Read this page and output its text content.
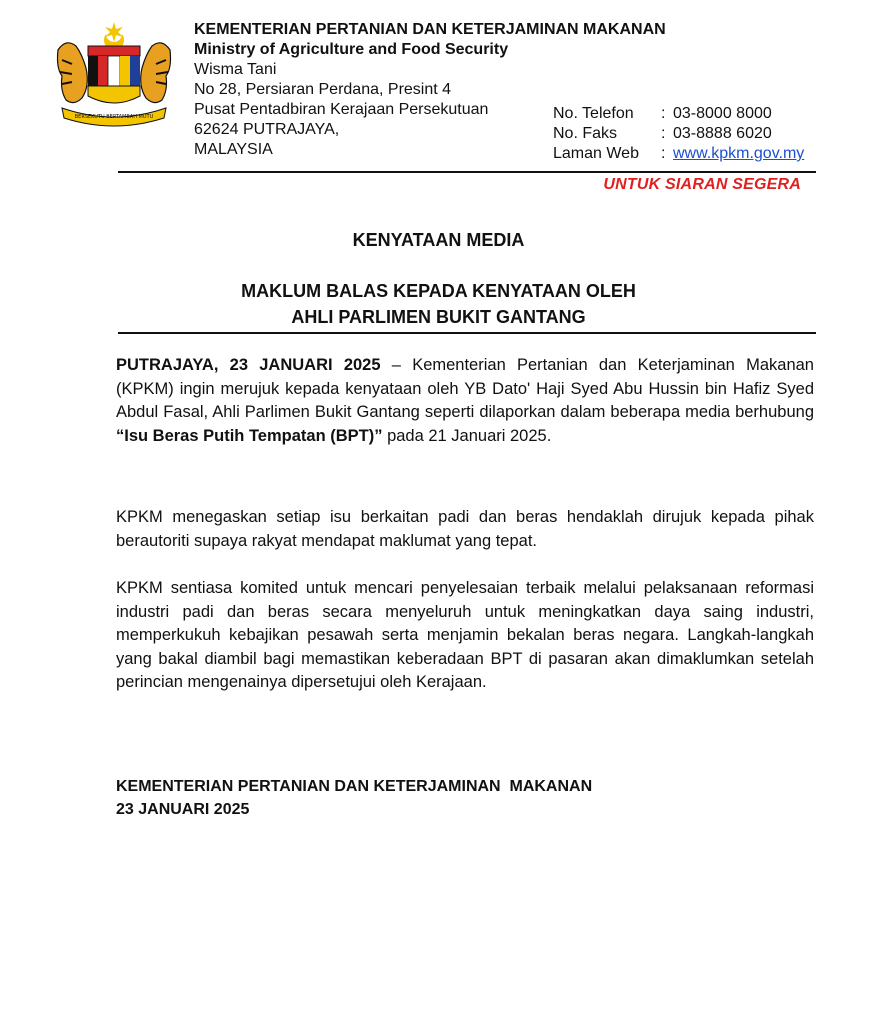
BERSEKUTU BERTAMBAH MUTU
KEMENTERIAN PERTANIAN DAN KETERJAMINAN MAKANAN
Ministry of Agriculture and Food Security
Wisma Tani
No 28, Persiaran Perdana, Presint 4
Pusat Pentadbiran Kerajaan Persekutuan
62624 PUTRAJAYA,
MALAYSIA
No. Telefon	: 03-8000 8000
No. Faks	: 03-8888 6020
Laman Web	: www.kpkm.gov.my
UNTUK SIARAN SEGERA
KENYATAAN MEDIA
MAKLUM BALAS KEPADA KENYATAAN OLEH
AHLI PARLIMEN BUKIT GANTANG
PUTRAJAYA, 23 JANUARI 2025 – Kementerian Pertanian dan Keterjaminan Makanan (KPKM) ingin merujuk kepada kenyataan oleh YB Dato' Haji Syed Abu Hussin bin Hafiz Syed Abdul Fasal, Ahli Parlimen Bukit Gantang seperti dilaporkan dalam beberapa media berhubung “Isu Beras Putih Tempatan (BPT)” pada 21 Januari 2025.
KPKM menegaskan setiap isu berkaitan padi dan beras hendaklah dirujuk kepada pihak berautoriti supaya rakyat mendapat maklumat yang tepat.
KPKM sentiasa komited untuk mencari penyelesaian terbaik melalui pelaksanaan reformasi industri padi dan beras secara menyeluruh untuk meningkatkan daya saing industri, memperkukuh kebajikan pesawah serta menjamin bekalan beras negara. Langkah-langkah yang bakal diambil bagi memastikan keberadaan BPT di pasaran akan dimaklumkan setelah perincian mengenainya dipersetujui oleh Kerajaan.
KEMENTERIAN PERTANIAN DAN KETERJAMINAN  MAKANAN
23 JANUARI 2025
